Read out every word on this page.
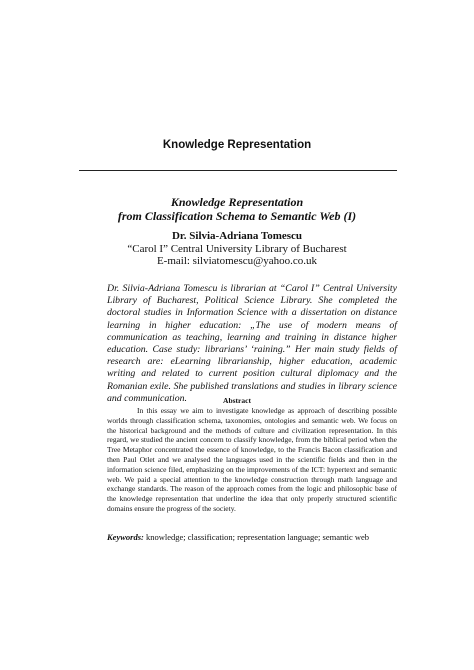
Knowledge Representation
Knowledge Representation
from Classification Schema to Semantic Web (I)
Dr. Silvia-Adriana Tomescu
“Carol I” Central University Library of Bucharest
E-mail: silviatomescu@yahoo.co.uk
Dr. Silvia-Adriana Tomescu is librarian at “Carol I” Central University Library of Bucharest, Political Science Library. She completed the doctoral studies in Information Science with a dissertation on distance learning in higher education: „The use of modern means of communication as teaching, learning and training in distance higher education. Case study: librarians’ ‘raining.” Her main study fields of research are: eLearning librarianship, higher education, academic writing and related to current position cultural diplomacy and the Romanian exile. She published translations and studies in library science and communication.	Abstract
In this essay we aim to investigate knowledge as approach of describing possible worlds through classification schema, taxonomies, ontologies and semantic web. We focus on the historical background and the methods of culture and civilization representation. In this regard, we studied the ancient concern to classify knowledge, from the biblical period when the Tree Metaphor concentrated the essence of knowledge, to the Francis Bacon classification and then Paul Otlet and we analysed the languages used in the scientific fields and then in the information science filed, emphasizing on the improvements of the ICT: hypertext and semantic web. We paid a special attention to the knowledge construction through math language and exchange standards. The reason of the approach comes from the logic and philosophic base of the knowledge representation that underline the idea that only properly structured scientific domains ensure the progress of the society.
Keywords: knowledge; classification; representation language; semantic web
